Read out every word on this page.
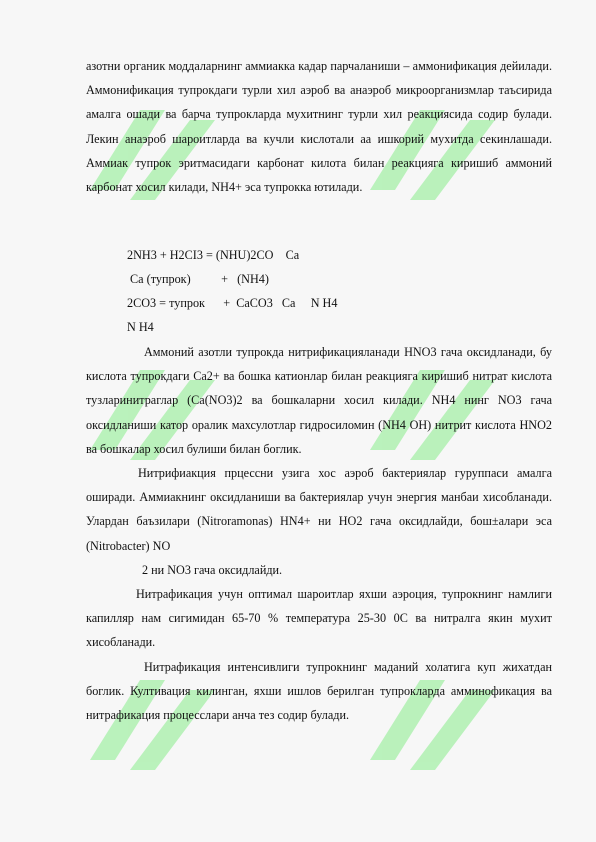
азотни органик моддаларнинг аммиакка кадар парчаланиши – аммонификация дейилади. Аммонификация тупрокдаги турли хил аэроб ва анаэроб микроорганизмлар таъсирида амалга ошади ва барча тупрокларда мухитнинг турли хил реакциясида содир булади. Лекин анаэроб шароитларда ва кучли кислотали аа ишкорий мухитда секинлашади. Аммиак тупрок эритмасидаги карбонат килота билан реакцияга киришиб аммоний карбонат хосил килади, NH4+ эса тупрокка ютилади.

2NH3 + H2CI3 = (NHU)2CO    Ca

Ca (тупрок)          +   (NH4)

2CO3 = тупрок      +  CaCO3   Ca     N H4

N H4

Аммоний азотли тупрокда нитрификацияланади HNO3 гача оксидланади, бу кислота тупрокдаги Ca2+ ва бошка катионлар билан реакцияга киришиб нитрат кислота тузларинитраглар (Ca(NO3)2 ва бошкаларни хосил килади. NH4 нинг NO3 гача оксидланиши катор оралик махсулотлар гидросиломин (NH4 OH) нитрит кислота HNO2 ва бошкалар хосил булиши билан боглик.

Нитрифиакция прцессни узига хос аэроб бактериялар гуруппаси амалга оширади. Аммиакнинг оксидланиши ва бактериялар учун энергия манбаи хисобланади. Улардан баъзилари (Nitroramonas) HN4+ ни HO2 гача оксидлайди, бош±алари эса (Nitrobacter) NO

2 ни NO3 гача оксидлайди.

Нитрафикация учун оптимал шароитлар яхши аэроция, тупрокнинг намлиги капилляр нам сигимидан 65-70 % температура 25-30 0C ва нитралга якин мухит хисобланади.

Нитрафикация интенсивлиги тупрокнинг маданий холатига куп жихатдан боглик. Култивация килинган, яхши ишлов берилган тупрокларда амминофикация ва нитрафикация процесслари анча тез содир булади.
